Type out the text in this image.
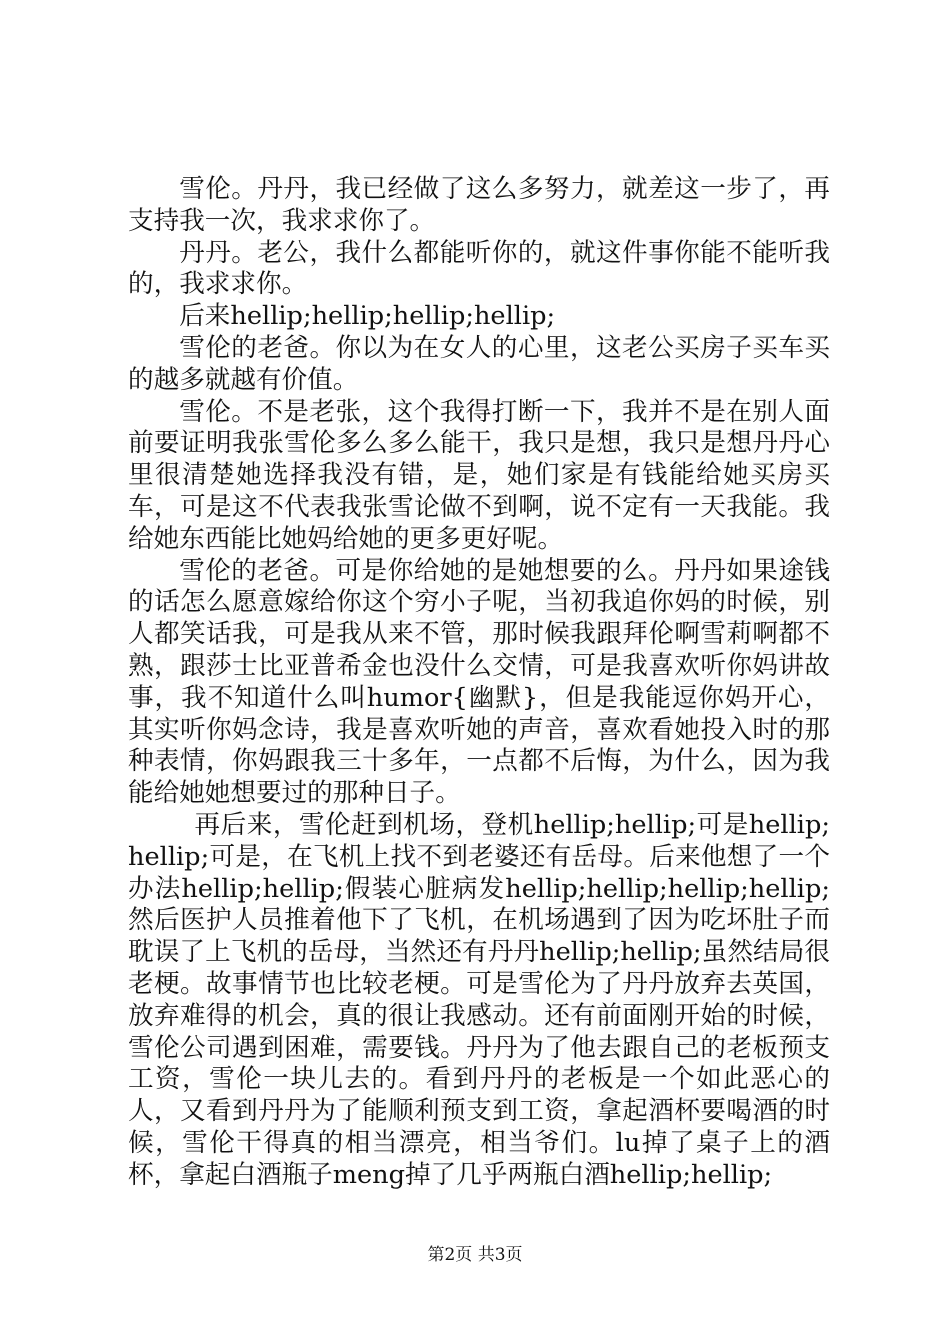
雪伦。丹丹，我已经做了这么多努力，就差这一步了，再支持我一次，我求求你了。

丹丹。老公，我什么都能听你的，就这件事你能不能听我的，我求求你。

后来hellip;hellip;hellip;hellip;

雪伦的老爸。你以为在女人的心里，这老公买房子买车买的越多就越有价值。

雪伦。不是老张，这个我得打断一下，我并不是在别人面前要证明我张雪伦多么多么能干，我只是想，我只是想丹丹心里很清楚她选择我没有错，是，她们家是有钱能给她买房买车，可是这不代表我张雪论做不到啊，说不定有一天我能。我给她东西能比她妈给她的更多更好呢。

雪伦的老爸。可是你给她的是她想要的么。丹丹如果途钱的话怎么愿意嫁给你这个穷小子呢，当初我追你妈的时候，别人都笑话我，可是我从来不管，那时候我跟拜伦啊雪莉啊都不熟，跟莎士比亚普希金也没什么交情，可是我喜欢听你妈讲故事，我不知道什么叫humor{幽默}，但是我能逗你妈开心，其实听你妈念诗，我是喜欢听她的声音，喜欢看她投入时的那种表情，你妈跟我三十多年，一点都不后悔，为什么，因为我能给她她想要过的那种日子。

再后来，雪伦赶到机场，登机hellip;hellip;可是hellip;hellip;可是，在飞机上找不到老婆还有岳母。后来他想了一个办法hellip;hellip;假装心脏病发hellip;hellip;hellip;hellip;然后医护人员推着他下了飞机，在机场遇到了因为吃坏肚子而耽误了上飞机的岳母，当然还有丹丹hellip;hellip;虽然结局很老梗。故事情节也比较老梗。可是雪伦为了丹丹放弃去英国，放弃难得的机会，真的很让我感动。还有前面刚开始的时候，雪伦公司遇到困难，需要钱。丹丹为了他去跟自己的老板预支工资，雪伦一块儿去的。看到丹丹的老板是一个如此恶心的人，又看到丹丹为了能顺利预支到工资，拿起酒杯要喝酒的时候，雪伦干得真的相当漂亮，相当爷们。lu掉了桌子上的酒杯，拿起白酒瓶子meng掉了几乎两瓶白酒hellip;hellip;

第2页 共3页
